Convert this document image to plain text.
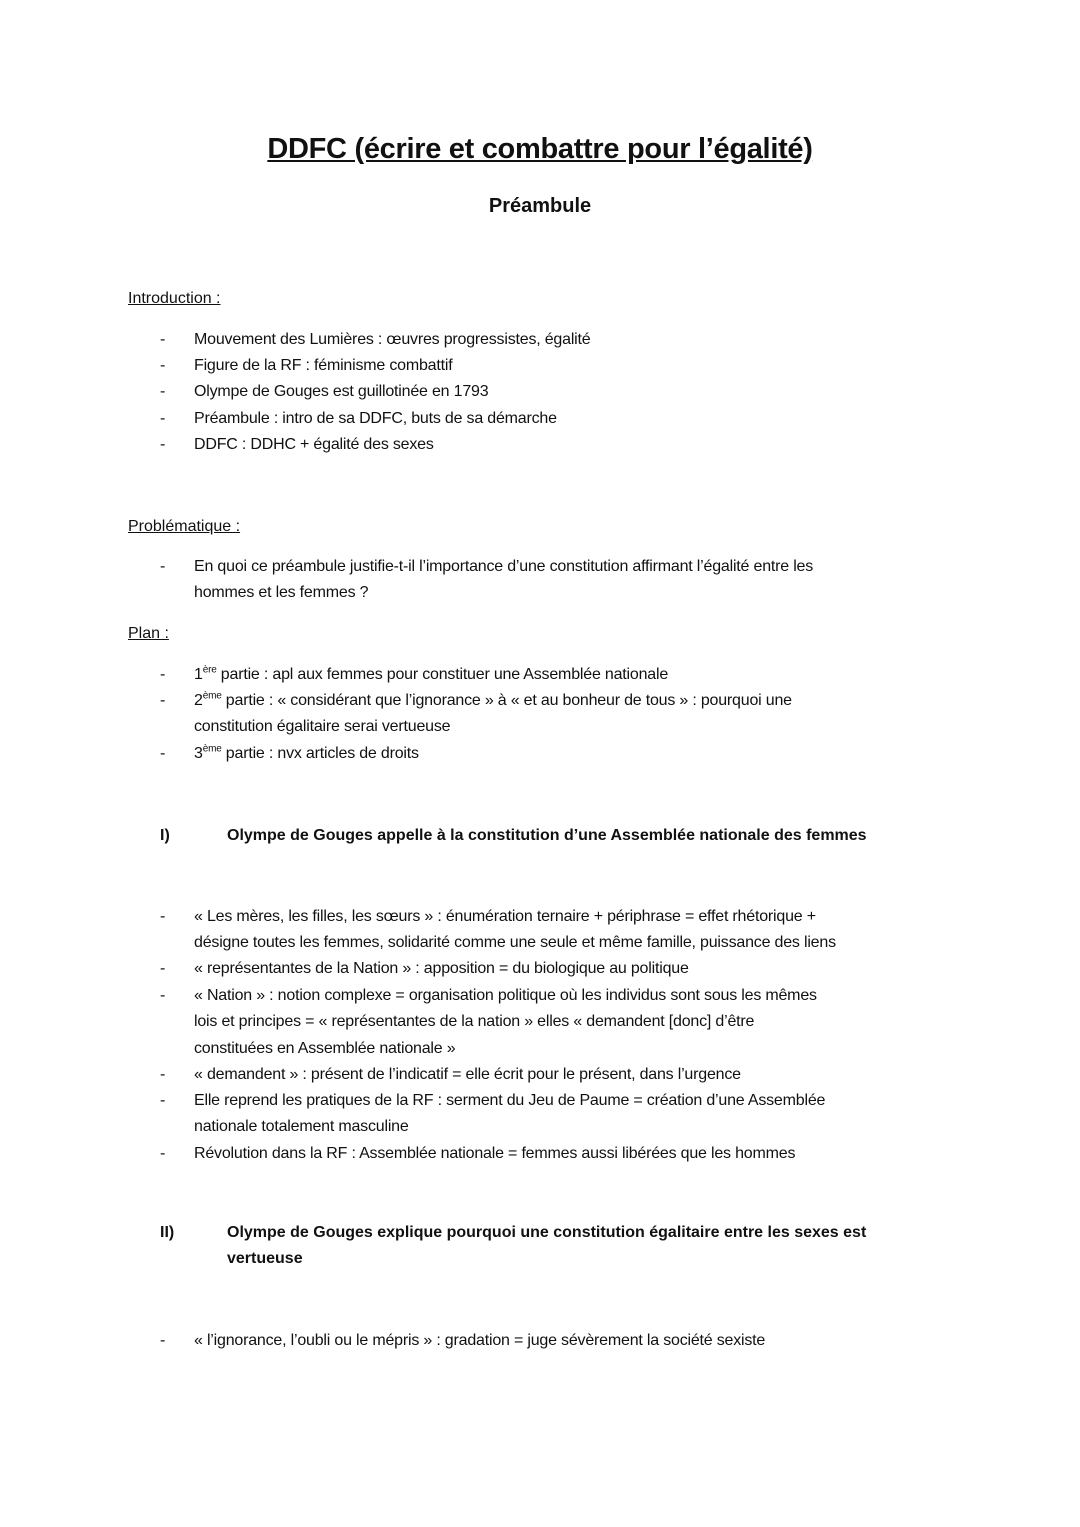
DDFC (écrire et combattre pour l’égalité)
Préambule
Introduction :
- Mouvement des Lumières : œuvres progressistes, égalité
- Figure de la RF : féminisme combattif
- Olympe de Gouges est guillotinée en 1793
- Préambule : intro de sa DDFC, buts de sa démarche
- DDFC : DDHC + égalité des sexes
Problématique :
- En quoi ce préambule justifie-t-il l’importance d’une constitution affirmant l’égalité entre les
hommes et les femmes ?
Plan :
- 1ère partie : apl aux femmes pour constituer une Assemblée nationale
- 2ème partie : « considérant que l’ignorance » à « et au bonheur de tous » : pourquoi une
constitution égalitaire serai vertueuse
- 3ème partie : nvx articles de droits
I)	Olympe de Gouges appelle à la constitution d’une Assemblée nationale des femmes
- « Les mères, les filles, les sœurs » : énumération ternaire + périphrase = effet rhétorique +
désigne toutes les femmes, solidarité comme une seule et même famille, puissance des liens
- « représentantes de la Nation » : apposition = du biologique au politique
- « Nation » : notion complexe = organisation politique où les individus sont sous les mêmes
lois et principes = « représentantes de la nation » elles « demandent [donc] d’être
constituées en Assemblée nationale »
- « demandent » : présent de l’indicatif = elle écrit pour le présent, dans l’urgence
- Elle reprend les pratiques de la RF : serment du Jeu de Paume = création d’une Assemblée
nationale totalement masculine
- Révolution dans la RF : Assemblée nationale = femmes aussi libérées que les hommes
II)	Olympe de Gouges explique pourquoi une constitution égalitaire entre les sexes est
vertueuse
- « l’ignorance, l’oubli ou le mépris » : gradation = juge sévèrement la société sexiste
